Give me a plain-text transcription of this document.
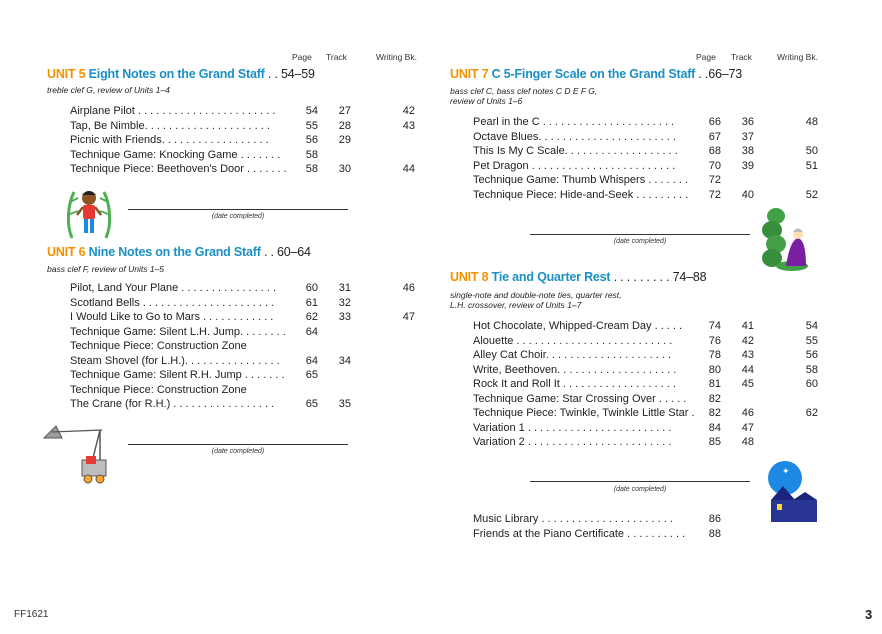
Page Track	Writing Bk.	Page Track	Writing Bk.
UNIT 5 Eight Notes on the Grand Staff . . 54–59
treble clef G, review of Units 1–4
UNIT 6 Nine Notes on the Grand Staff . . 60–64
bass clef F, review of Units 1–5
UNIT 7 C 5-Finger Scale on the Grand Staff . .66–73
bass clef C, bass clef notes C D E F G,
review of Units 1–6
UNIT 8 Tie and Quarter Rest . . . . . . . . . 74–88
single-note and double-note ties, quarter rest,
L.H. crossover, review of Units 1–7
Airplane Pilot . . . . . . . . . . . . . . . . . . . . . . .	54	27	42
Tap, Be Nimble. . . . . . . . . . . . . . . . . . . . .	55	28	43
Picnic with Friends. . . . . . . . . . . . . . . . . .	56	29
Technique Game: Knocking Game . . . . . . .	58
Technique Piece: Beethoven's Door . . . . . . .	58	30	44
Pilot, Land Your Plane . . . . . . . . . . . . . . . .	60	31	46
Scotland Bells . . . . . . . . . . . . . . . . . . . . . .	61	32
I Would Like to Go to Mars . . . . . . . . . . . .	62	33	47
Technique Game: Silent L.H. Jump. . . . . . . .	64
Technique Piece: Construction Zone
Steam Shovel (for L.H.). . . . . . . . . . . . . . . .	64	34
Technique Game: Silent R.H. Jump . . . . . . .	65
Technique Piece: Construction Zone
The Crane (for R.H.) . . . . . . . . . . . . . . . . .	65	35
Pearl in the C . . . . . . . . . . . . . . . . . . . . . .	66	36	48
Octave Blues. . . . . . . . . . . . . . . . . . . . . . .	67	37
This Is My C Scale. . . . . . . . . . . . . . . . . . .	68	38	50
Pet Dragon . . . . . . . . . . . . . . . . . . . . . . . .	70	39	51
Technique Game: Thumb Whispers . . . . . . .	72
Technique Piece: Hide-and-Seek . . . . . . . . .	72	40	52
Hot Chocolate, Whipped-Cream Day . . . . .	74	41	54
Alouette . . . . . . . . . . . . . . . . . . . . . . . . . .	76	42	55
Alley Cat Choir. . . . . . . . . . . . . . . . . . . . .	78	43	56
Write, Beethoven. . . . . . . . . . . . . . . . . . . .	80	44	58
Rock It and Roll It . . . . . . . . . . . . . . . . . . .	81	45	60
Technique Game: Star Crossing Over . . . . .	82
Technique Piece: Twinkle, Twinkle Little Star .	82	46	62
Variation 1 . . . . . . . . . . . . . . . . . . . . . . . .	84	47
Variation 2 . . . . . . . . . . . . . . . . . . . . . . . .	85	48
Music Library . . . . . . . . . . . . . . . . . . . . . .	86
Friends at the Piano Certificate . . . . . . . . . .	88
(date completed)
(date completed)
(date completed)
(date completed)
✦
FF1621	3
